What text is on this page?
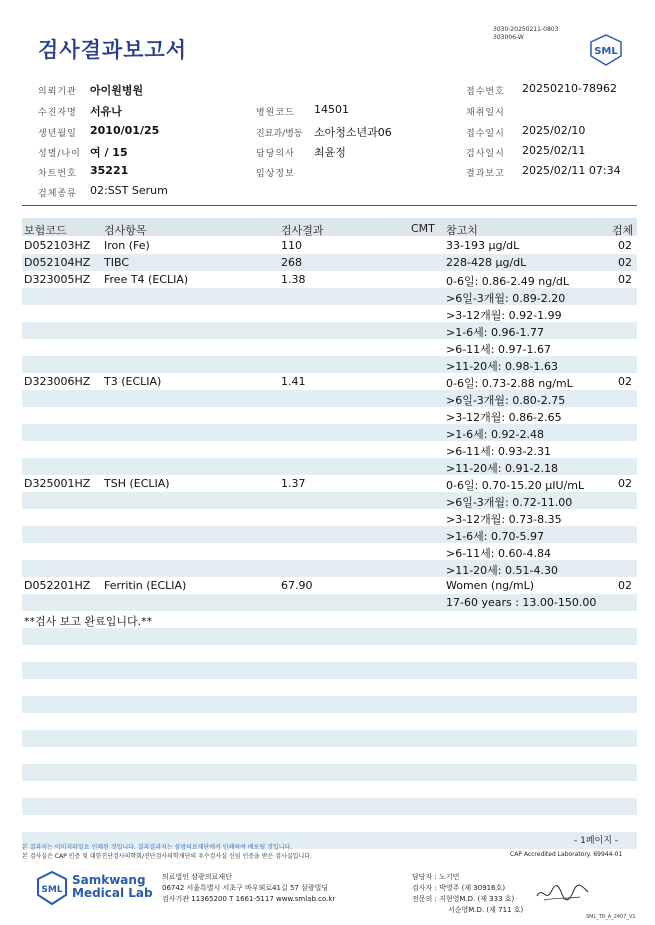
검사결과보고서
3030-20250211-0803
303006-W
SML
의뢰기관 아이원병원	접수번호 20250210-78962
수진자명 서유나	병원코드 14501	채취일시
생년월일 2010/01/25	진료과/병동 소아청소년과06	접수일시 2025/02/10
성별/나이 여 / 15	담당의사 최윤정	검사일시 2025/02/11
차트번호 35221	임상정보	결과보고 2025/02/11 07:34
검체종류 02:SST Serum
보험코드	검사항목	검사결과	CMT 참고치	검체
D052103HZ Iron (Fe)	110	33-193 µg/dL	02
D052104HZ TIBC	268	228-428 µg/dL	02
D323005HZ Free T4 (ECLIA)	1.38	0-6일: 0.86-2.49 ng/dL	02
>6일-3개월: 0.89-2.20
>3-12개월: 0.92-1.99
>1-6세: 0.96-1.77
>6-11세: 0.97-1.67
>11-20세: 0.98-1.63
D323006HZ T3 (ECLIA)	1.41	0-6일: 0.73-2.88 ng/mL	02
>6일-3개월: 0.80-2.75
>3-12개월: 0.86-2.65
>1-6세: 0.92-2.48
>6-11세: 0.93-2.31
>11-20세: 0.91-2.18
D325001HZ TSH (ECLIA)	1.37	0-6일: 0.70-15.20 µIU/mL	02
>6일-3개월: 0.72-11.00
>3-12개월: 0.73-8.35
>1-6세: 0.70-5.97
>6-11세: 0.60-4.84
>11-20세: 0.51-4.30
D052201HZ Ferritin (ECLIA)	67.90	Women (ng/mL)	02
17-60 years : 13.00-150.00
**검사 보고 완료입니다.**
- 1페이지 -
본 결과지는 이미지파일로 인쇄된 것입니다. 결과결과지는 삼광의료재단에서 인쇄하여 배포될 것입니다.
본 검사실은 CAP 인증 및 대한진단검사의학회/진단검사의학재단의 우수검사실 신임 인증을 받은 검사실입니다.	CAP Accredited Laboratory. 69944-01
SML
Samkwang
Medical Lab
의료법인 삼광의료재단
06742 서울특별시 서초구 바우뫼로41길 57 삼광빌딩
검사기관 11365200 T 1661-5117 www.smlab.co.kr
담당자 : 노기민
검사자 : 박영주 (제 30916호)
전문의 : 지현영M.D. (제 333 호)
서순영M.D. (제 711 호)
SML_TR_A_2407_V1
